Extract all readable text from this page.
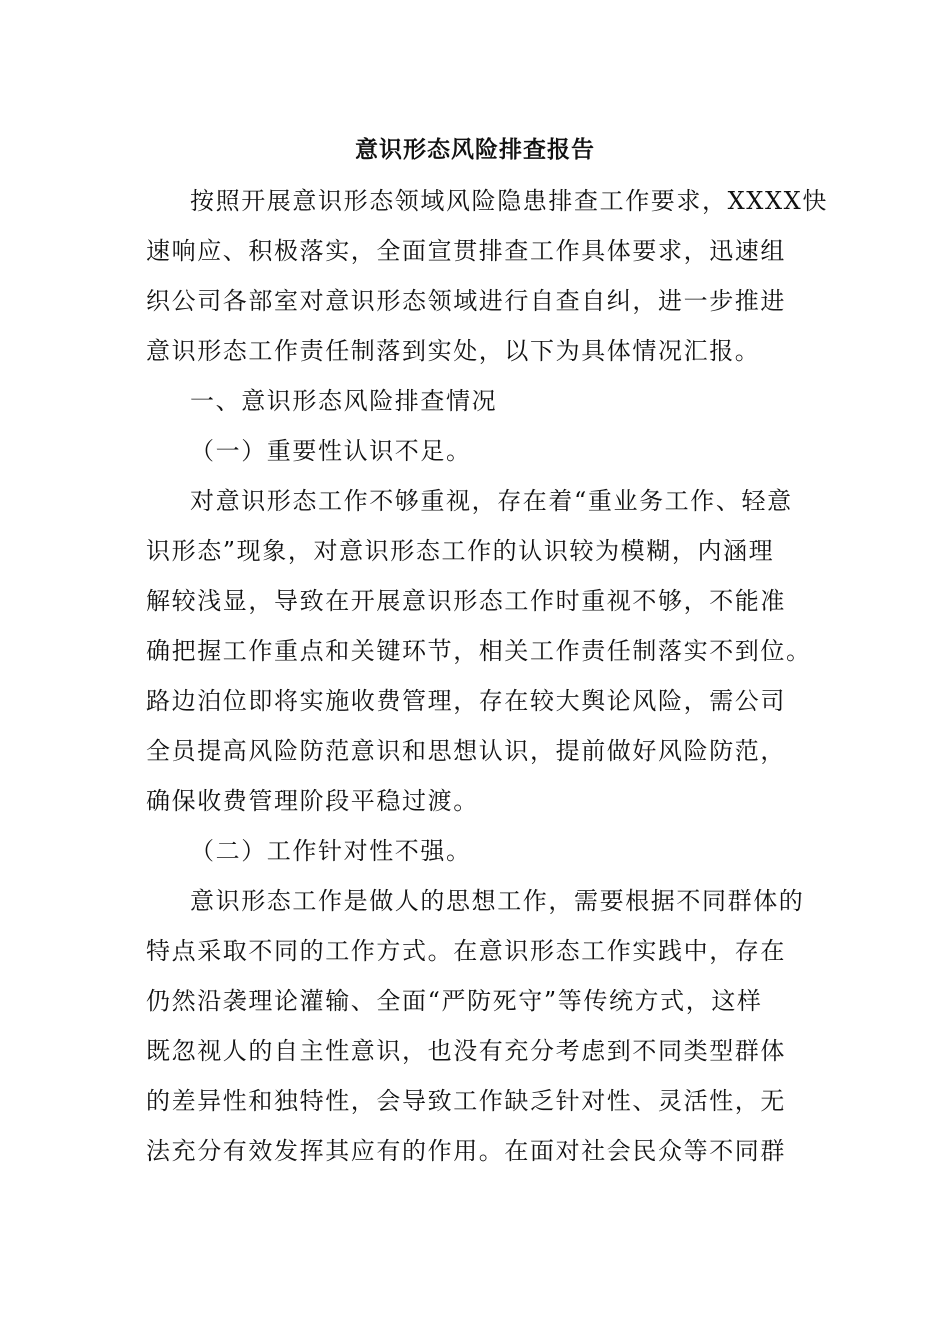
意识形态风险排查报告
按照开展意识形态领域风险隐患排查工作要求，XXXX快
速响应、积极落实，全面宣贯排查工作具体要求，迅速组
织公司各部室对意识形态领域进行自查自纠，进一步推进
意识形态工作责任制落到实处，以下为具体情况汇报。
一、意识形态风险排查情况
（一）重要性认识不足。
对意识形态工作不够重视，存在着“重业务工作、轻意
识形态”现象，对意识形态工作的认识较为模糊，内涵理
解较浅显，导致在开展意识形态工作时重视不够，不能准
确把握工作重点和关键环节，相关工作责任制落实不到位。
路边泊位即将实施收费管理，存在较大舆论风险，需公司
全员提高风险防范意识和思想认识，提前做好风险防范，
确保收费管理阶段平稳过渡。
（二）工作针对性不强。
意识形态工作是做人的思想工作，需要根据不同群体的
特点采取不同的工作方式。在意识形态工作实践中，存在
仍然沿袭理论灌输、全面“严防死守”等传统方式，这样
既忽视人的自主性意识，也没有充分考虑到不同类型群体
的差异性和独特性，会导致工作缺乏针对性、灵活性，无
法充分有效发挥其应有的作用。在面对社会民众等不同群
